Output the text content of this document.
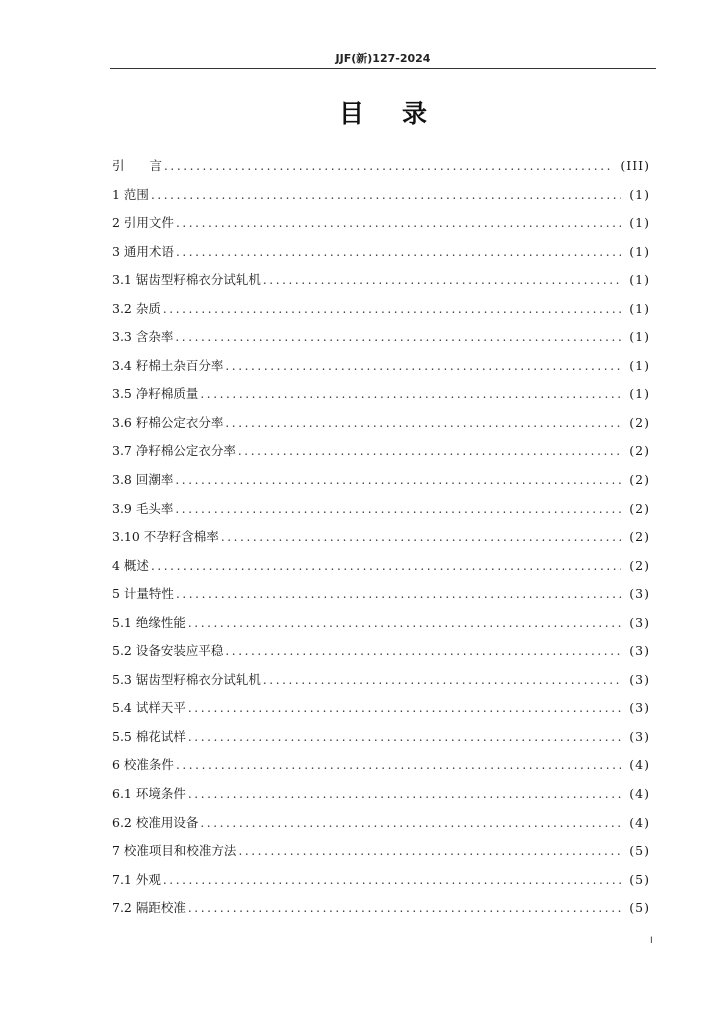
JJF(新)127-2024
目录
引　　言 .....	(III)
1 范围 .....	(1)
2 引用文件 .....	(1)
3 通用术语 .....	(1)
3.1 锯齿型籽棉衣分试轧机 .....	(1)
3.2 杂质 .....	(1)
3.3 含杂率 .....	(1)
3.4 籽棉土杂百分率 .....	(1)
3.5 净籽棉质量 .....	(1)
3.6 籽棉公定衣分率 .....	(2)
3.7 净籽棉公定衣分率 .....	(2)
3.8 回潮率 .....	(2)
3.9 毛头率 .....	(2)
3.10 不孕籽含棉率 .....	(2)
4 概述 .....	(2)
5 计量特性 .....	(3)
5.1 绝缘性能 .....	(3)
5.2 设备安装应平稳 .....	(3)
5.3 锯齿型籽棉衣分试轧机 .....	(3)
5.4 试样天平 .....	(3)
5.5 棉花试样 .....	(3)
6 校准条件 .....	(4)
6.1 环境条件 .....	(4)
6.2 校准用设备 .....	(4)
7 校准项目和校准方法 .....	(5)
7.1 外观 .....	(5)
7.2 隔距校准 .....	(5)
I
